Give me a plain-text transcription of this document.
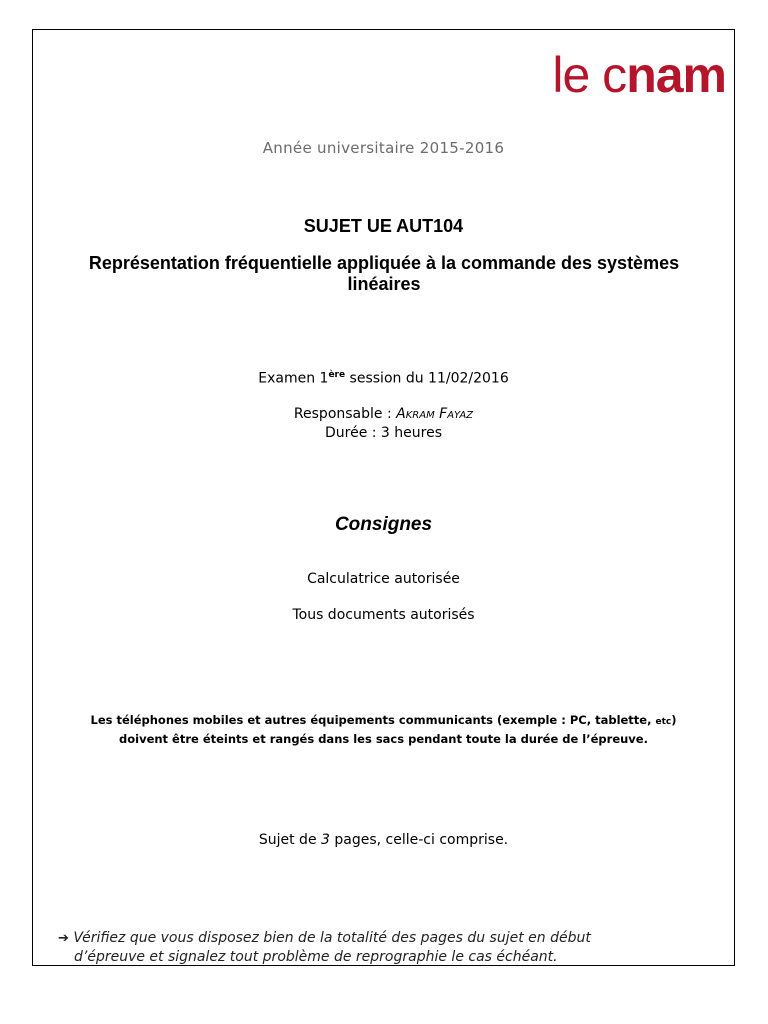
le cnam
Année universitaire 2015-2016
SUJET UE AUT104
Représentation fréquentielle appliquée à la commande des systèmes linéaires
Examen 1ère session du 11/02/2016
Responsable : Akram Fayaz
Durée : 3 heures
Consignes
Calculatrice autorisée
Tous documents autorisés
Les téléphones mobiles et autres équipements communicants (exemple : PC, tablette, etc)
doivent être éteints et rangés dans les sacs pendant toute la durée de l’épreuve.
Sujet de 3 pages, celle-ci comprise.
➔ Vérifiez que vous disposez bien de la totalité des pages du sujet en début
d’épreuve et signalez tout problème de reprographie le cas échéant.
